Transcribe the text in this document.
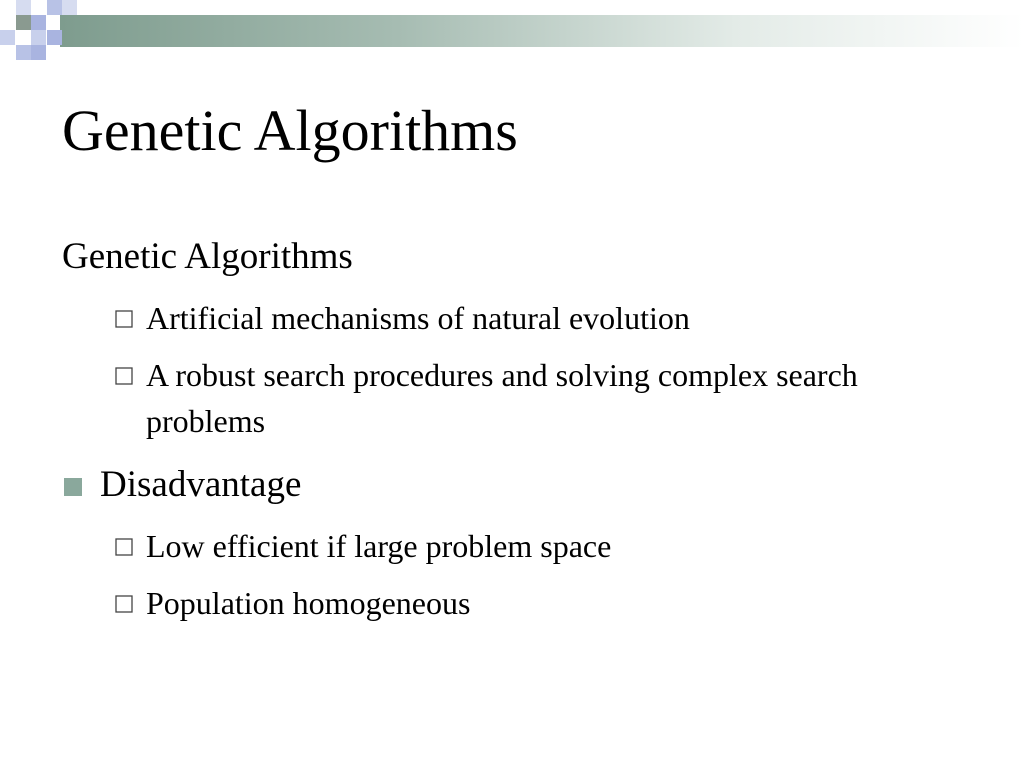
Genetic Algorithms
Genetic Algorithms
Artificial mechanisms of natural evolution
A robust search procedures and solving complex search problems
Disadvantage
Low efficient if large problem space
Population homogeneous
